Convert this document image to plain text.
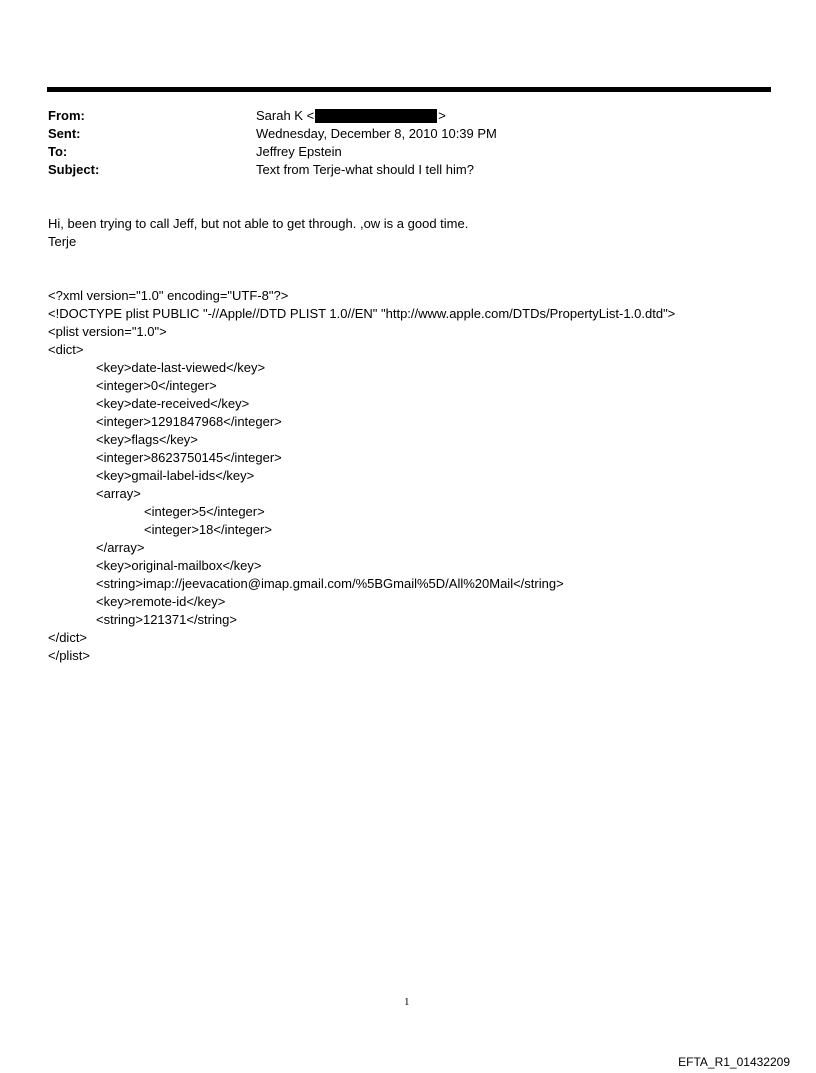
From:	Sarah K <	>
Sent:	Wednesday, December 8, 2010 10:39 PM
To:	Jeffrey Epstein
Subject:	Text from Terje-what should I tell him?
Hi, been trying to call Jeff, but not able to get through. ,ow is a good time.
Terje
<?xml version="1.0" encoding="UTF-8"?>
<!DOCTYPE plist PUBLIC "-//Apple//DTD PLIST 1.0//EN" "http://www.apple.com/DTDs/PropertyList-1.0.dtd">
<plist version="1.0">
<dict>
<key>date-last-viewed</key>
<integer>0</integer>
<key>date-received</key>
<integer>1291847968</integer>
<key>flags</key>
<integer>8623750145</integer>
<key>gmail-label-ids</key>
<array>
<integer>5</integer>
<integer>18</integer>
</array>
<key>original-mailbox</key>
<string>imap://jeevacation@imap.gmail.com/%5BGmail%5D/All%20Mail</string>
<key>remote-id</key>
<string>121371</string>
</dict>
</plist>
1
EFTA_R1_01432209
